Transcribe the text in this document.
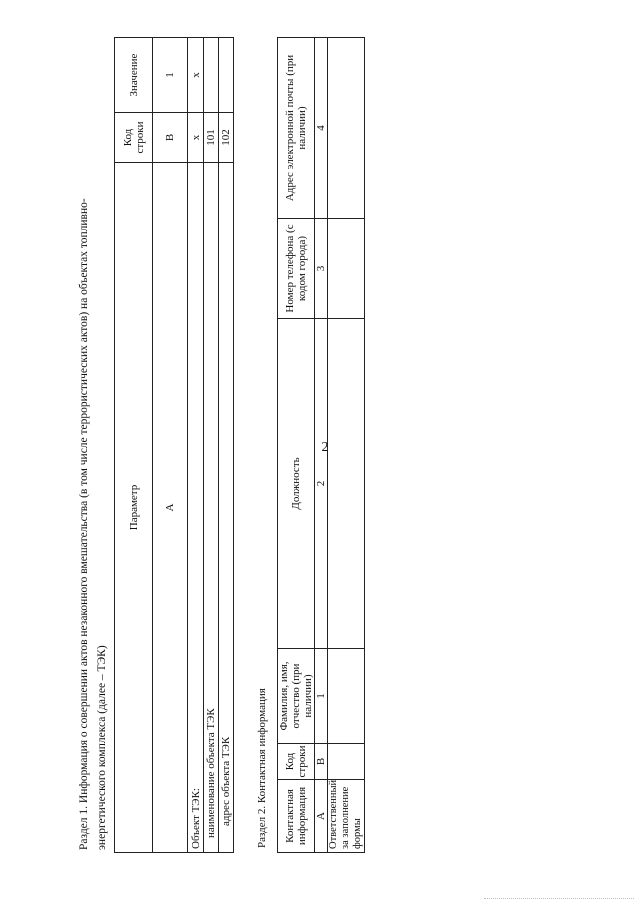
2
Раздел 1. Информация о совершении актов незаконного вмешательства (в том числе террористических актов) на объектах топливно- энергетического комплекса (далее – ТЭК)
Параметр	Код строки	Значение
А	В	1
Объект ТЭК:	x	x
наименование объекта ТЭК	101	
адрес объекта ТЭК	102	
Раздел 2. Контактная информация Контактная информация	Код строки	Фамилия, имя, отчество (при наличии)	Должность	Номер телефона (с кодом города)	Адрес электронной почты (при наличии)
А	В	1	2	3	4
Ответственный за заполнение формы					
